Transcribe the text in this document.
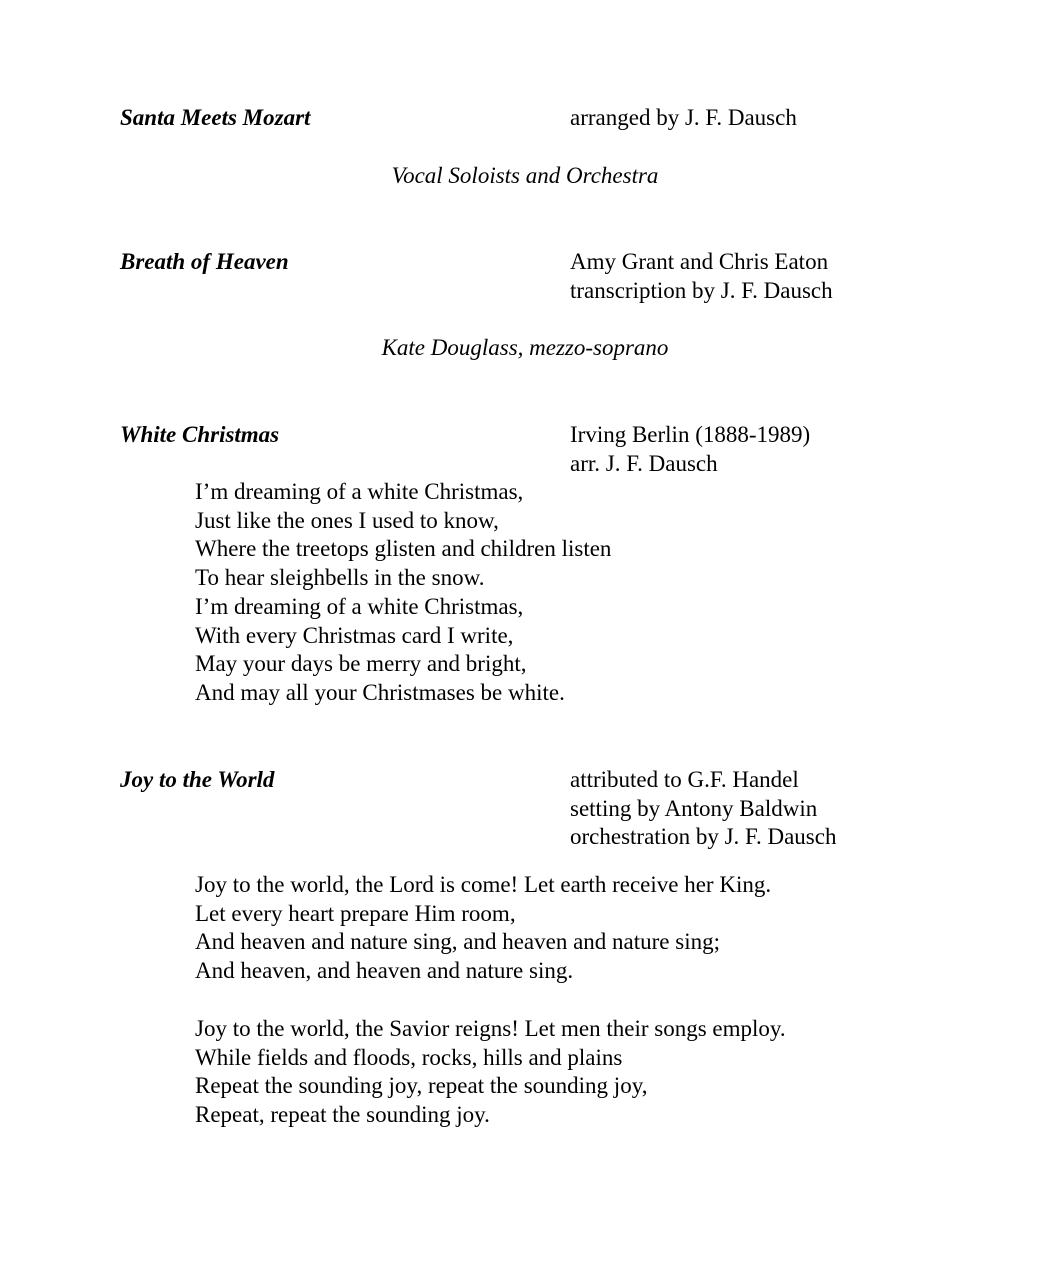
Santa Meets Mozart	arranged by J. F. Dausch
Vocal Soloists and Orchestra
Breath of Heaven	Amy Grant and Chris Eaton
transcription by J. F. Dausch
Kate Douglass, mezzo-soprano
White Christmas	Irving Berlin (1888-1989)
arr. J. F. Dausch
I’m dreaming of a white Christmas,
Just like the ones I used to know,
Where the treetops glisten and children listen
To hear sleighbells in the snow.
I’m dreaming of a white Christmas,
With every Christmas card I write,
May your days be merry and bright,
And may all your Christmases be white.
Joy to the World	attributed to G.F. Handel
setting by Antony Baldwin
orchestration by J. F. Dausch
Joy to the world, the Lord is come! Let earth receive her King.
Let every heart prepare Him room,
And heaven and nature sing, and heaven and nature sing;
And heaven, and heaven and nature sing.
Joy to the world, the Savior reigns! Let men their songs employ.
While fields and floods, rocks, hills and plains
Repeat the sounding joy, repeat the sounding joy,
Repeat, repeat the sounding joy.
